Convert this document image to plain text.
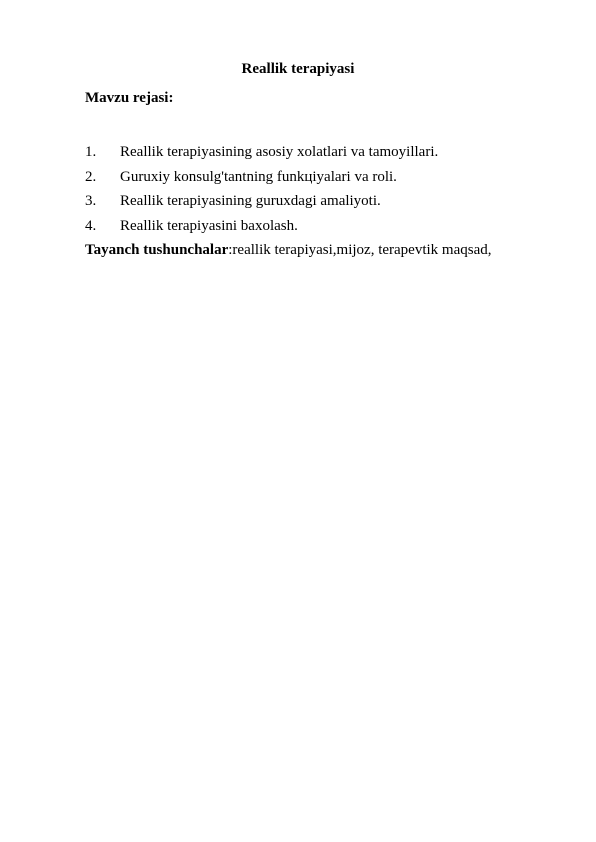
Reallik terapiyasi
Mavzu rejasi:
1.	Reallik terapiyasining asosiy xolatlari va tamoyillari.
2.	Guruxiy konsulg'tantning funkцiyalari va roli.
3.	Reallik terapiyasining guruxdagi amaliyoti.
4.	Reallik terapiyasini baxolash.
Tayanch tushunchalar:reallik terapiyasi,mijoz, terapevtik maqsad,
